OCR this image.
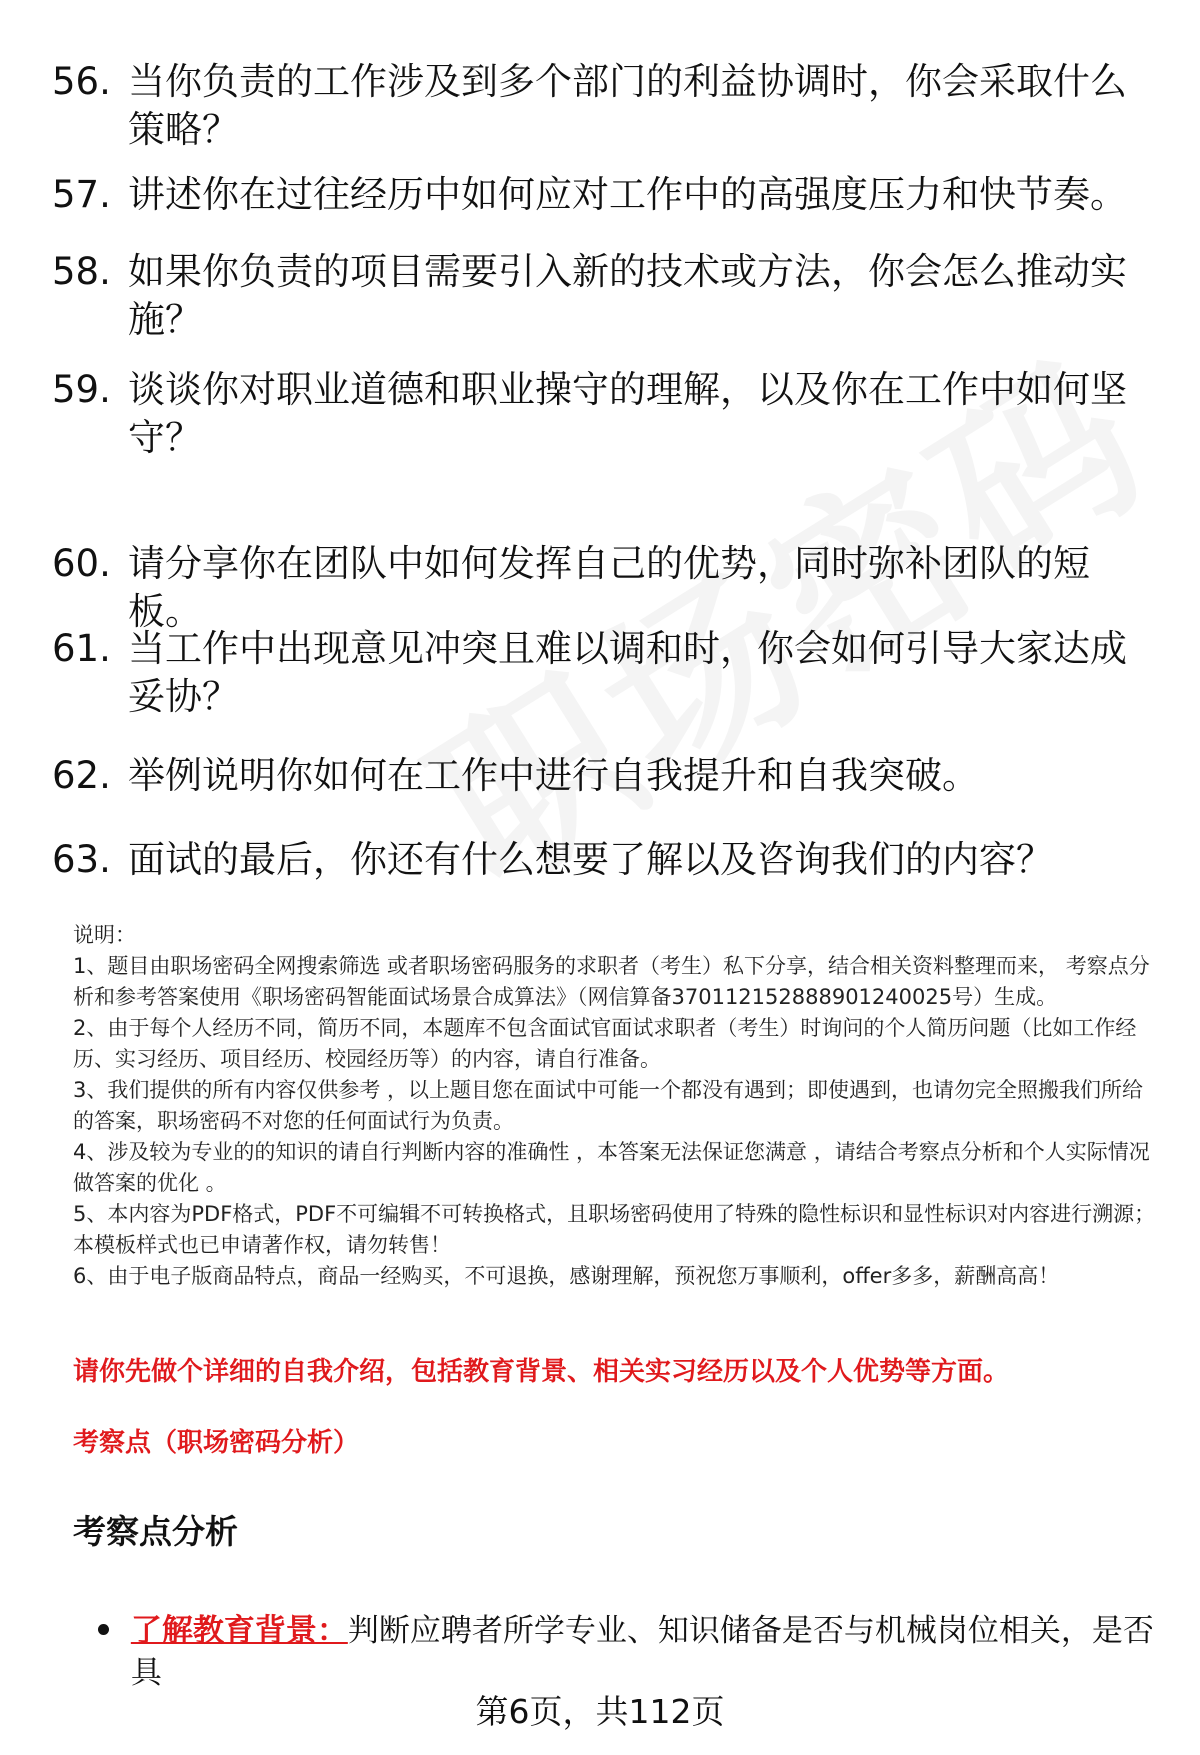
56. 当你负责的工作涉及到多个部门的利益协调时，你会采取什么策略？
57. 讲述你在过往经历中如何应对工作中的高强度压力和快节奏。
58. 如果你负责的项目需要引入新的技术或方法，你会怎么推动实施？
59. 谈谈你对职业道德和职业操守的理解，以及你在工作中如何坚守？
60. 请分享你在团队中如何发挥自己的优势，同时弥补团队的短板。
61. 当工作中出现意见冲突且难以调和时，你会如何引导大家达成妥协？
62. 举例说明你如何在工作中进行自我提升和自我突破。
63. 面试的最后，你还有什么想要了解以及咨询我们的内容？
说明：
1、题目由职场密码全网搜索筛选 或者职场密码服务的求职者（考生）私下分享，结合相关资料整理而来， 考察点分析和参考答案使用《职场密码智能面试场景合成算法》（网信算备370112152888901240025号）生成。
2、由于每个人经历不同，简历不同，本题库不包含面试官面试求职者（考生）时询问的个人简历问题（比如工作经历、实习经历、项目经历、校园经历等）的内容，请自行准备。
3、我们提供的所有内容仅供参考 ，以上题目您在面试中可能一个都没有遇到；即使遇到，也请勿完全照搬我们所给的答案，职场密码不对您的任何面试行为负责。
4、涉及较为专业的的知识的请自行判断内容的准确性 ，本答案无法保证您满意 ，请结合考察点分析和个人实际情况做答案的优化 。
5、本内容为PDF格式，PDF不可编辑不可转换格式，且职场密码使用了特殊的隐性标识和显性标识对内容进行溯源；本模板样式也已申请著作权，请勿转售！
6、由于电子版商品特点，商品一经购买，不可退换，感谢理解，预祝您万事顺利，offer多多，薪酬高高！
请你先做个详细的自我介绍，包括教育背景、相关实习经历以及个人优势等方面。
考察点（职场密码分析）
考察点分析
了解教育背景：判断应聘者所学专业、知识储备是否与机械岗位相关，是否具
第6页，共112页
